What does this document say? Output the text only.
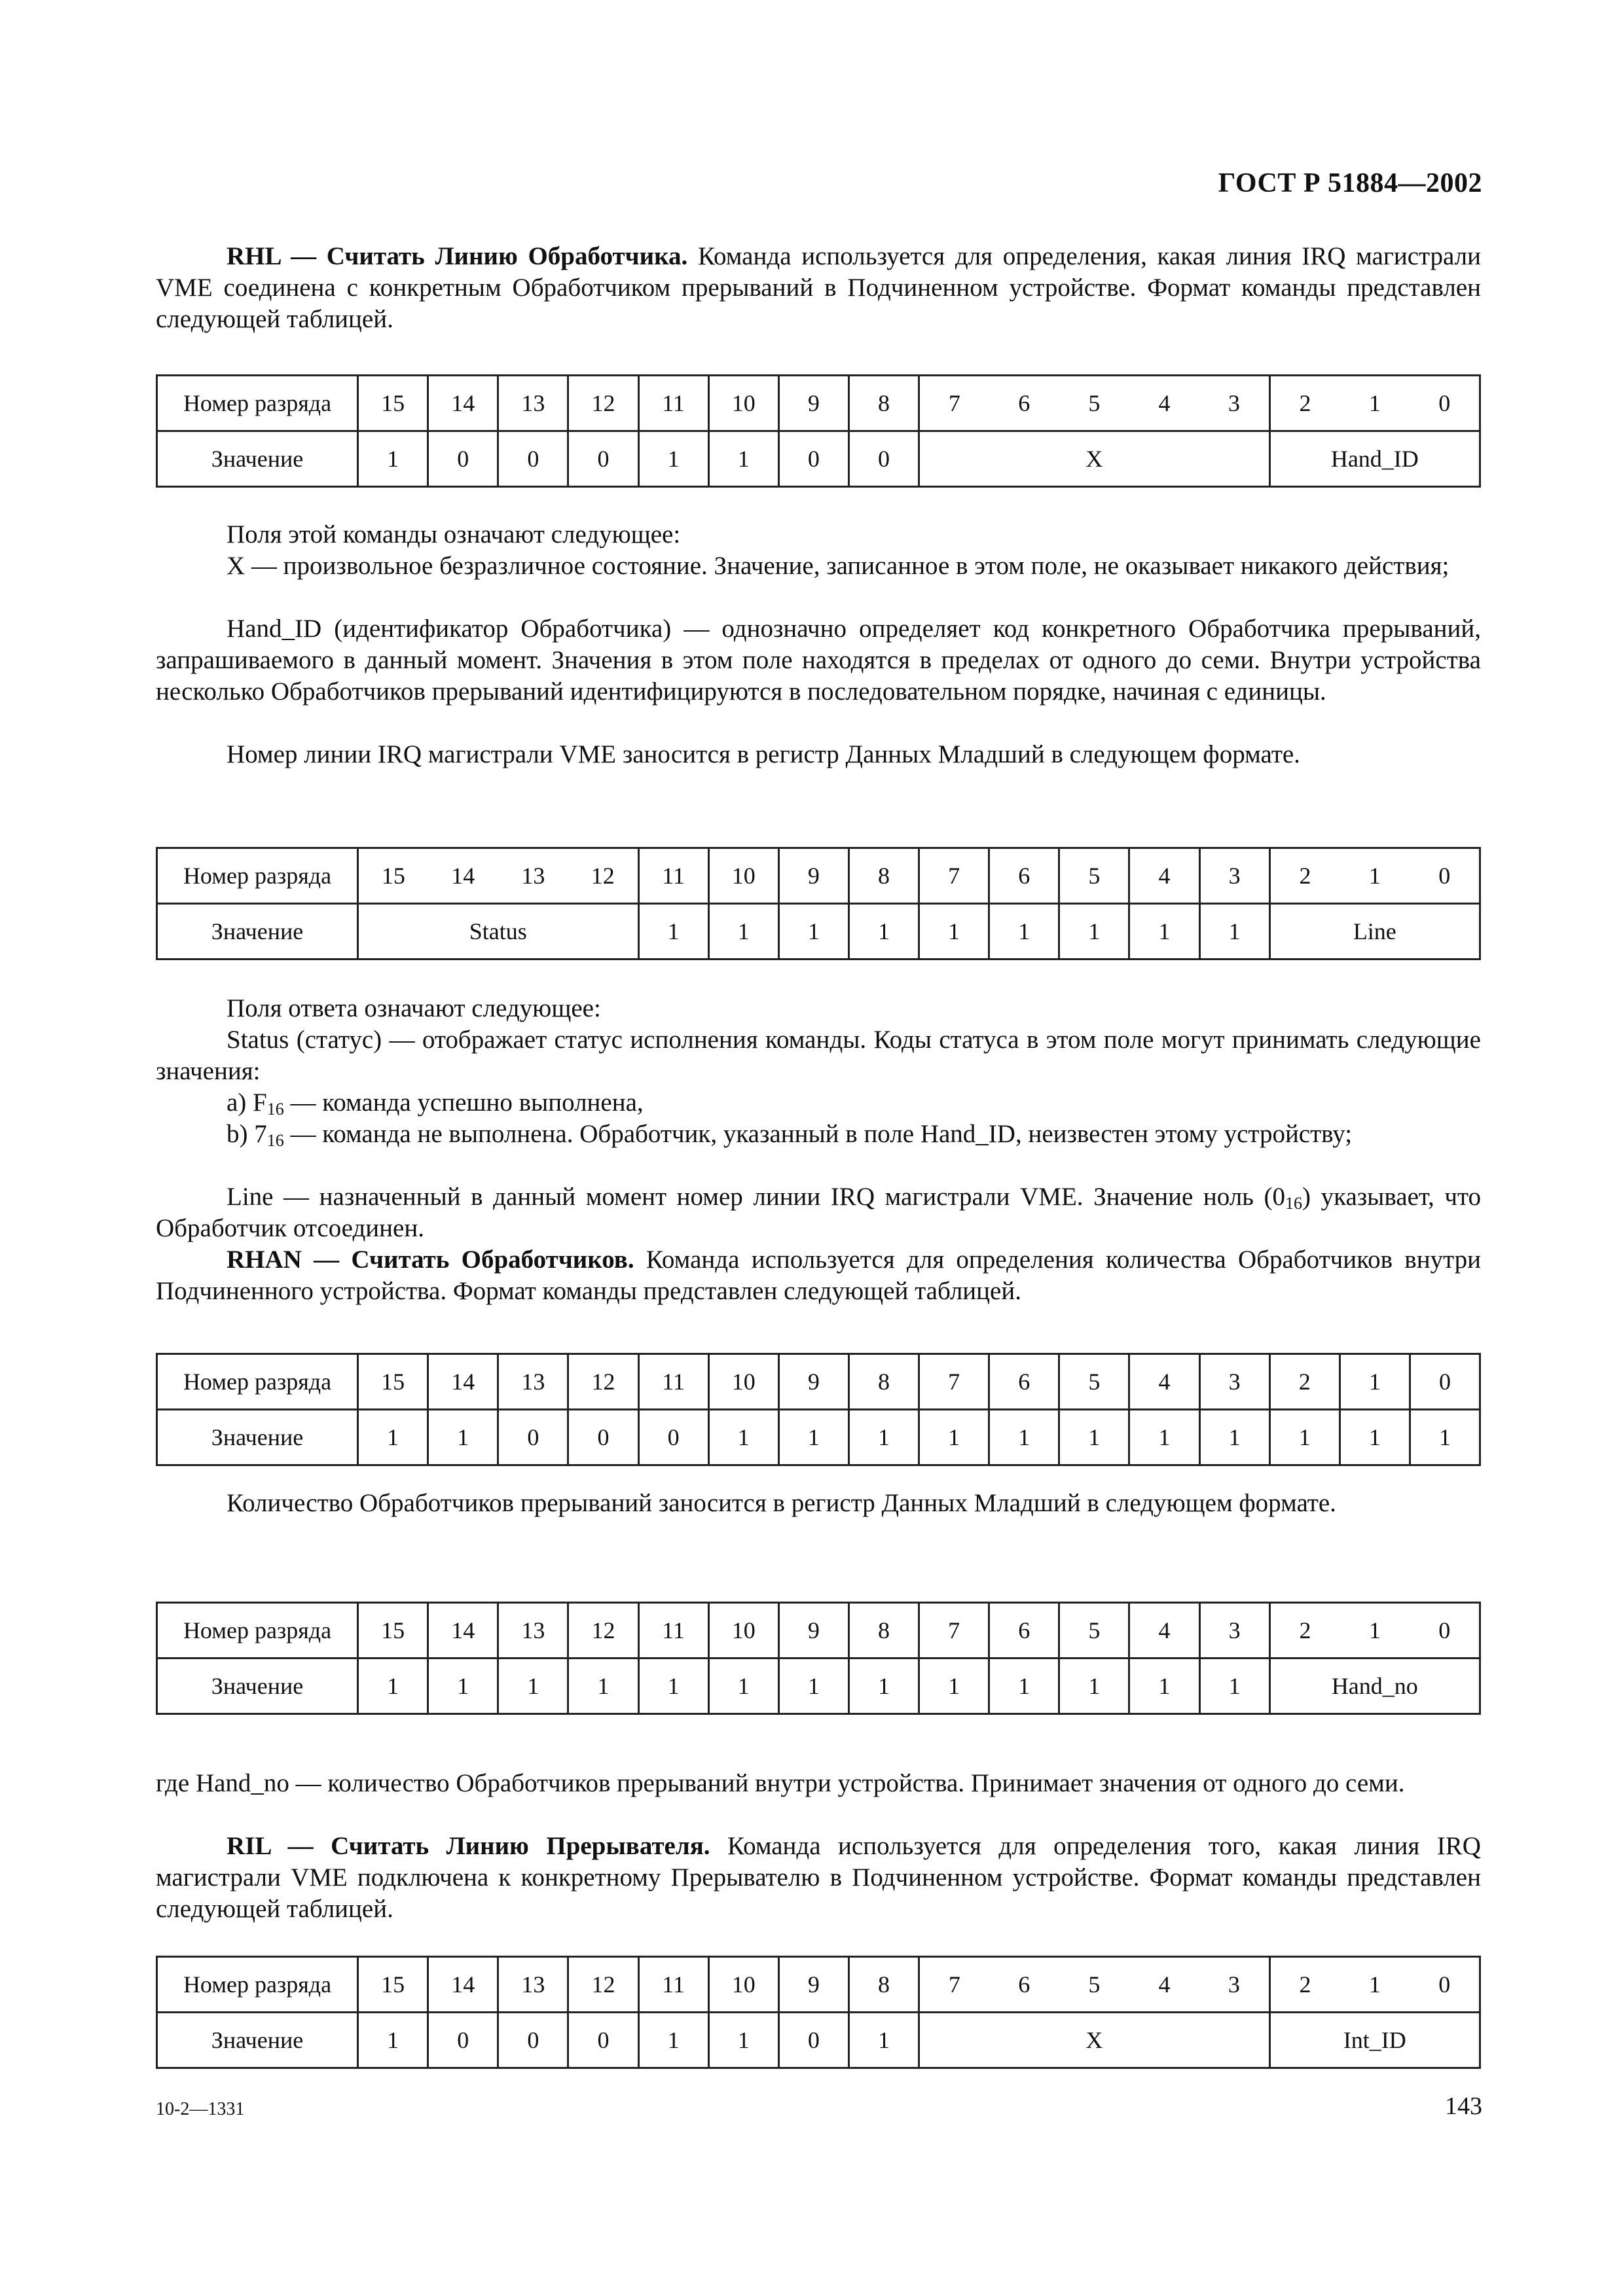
ГОСТ Р 51884—2002

RHL — Считать Линию Обработчика. Команда используется для определения, какая линия IRQ магистрали VME соединена с конкретным Обработчиком прерываний в Подчиненном устройстве. Формат команды представлен следующей таблицей.

Номер разряда	15	14	13	12	11	10	9	8	7	6	5	4	3	2	1	0
Значение	1	0	0	0	1	1	0	0	X					Hand_ID		

Поля этой команды означают следующее:

X — произвольное безразличное состояние. Значение, записанное в этом поле, не оказывает никакого действия;

Hand_ID (идентификатор Обработчика) — однозначно определяет код конкретного Обработчика прерываний, запрашиваемого в данный момент. Значения в этом поле находятся в пределах от одного до семи. Внутри устройства несколько Обработчиков прерываний идентифицируются в последовательном порядке, начиная с единицы.

Номер линии IRQ магистрали VME заносится в регистр Данных Младший в следующем формате.

Номер разряда	15	14	13	12	11	10	9	8	7	6	5	4	3	2	1	0
Значение	Status				1	1	1	1	1	1	1	1	1	Line		

Поля ответа означают следующее:

Status (статус) — отображает статус исполнения команды. Коды статуса в этом поле могут принимать следующие значения:

a) $F_{16}$ — команда успешно выполнена,

b) $7_{16}$ — команда не выполнена. Обработчик, указанный в поле Hand_ID, неизвестен этому устройству;

Line — назначенный в данный момент номер линии IRQ магистрали VME. Значение ноль $(0_{16})$ указывает, что Обработчик отсоединен.

RHAN — Считать Обработчиков. Команда используется для определения количества Обработчиков внутри Подчиненного устройства. Формат команды представлен следующей таблицей.

Номер разряда	15	14	13	12	11	10	9	8	7	6	5	4	3	2	1	0
Значение	1	1	0	0	0	1	1	1	1	1	1	1	1	1	1	1

Количество Обработчиков прерываний заносится в регистр Данных Младший в следующем формате.

Номер разряда	15	14	13	12	11	10	9	8	7	6	5	4	3	2	1	0
Значение	1	1	1	1	1	1	1	1	1	1	1	1	1	Hand_no		

где Hand_no — количество Обработчиков прерываний внутри устройства. Принимает значения от одного до семи.

RIL — Считать Линию Прерывателя. Команда используется для определения того, какая линия IRQ магистрали VME подключена к конкретному Прерывателю в Подчиненном устройстве. Формат команды представлен следующей таблицей.

Номер разряда	15	14	13	12	11	10	9	8	7	6	5	4	3	2	1	0
Значение	1	0	0	0	1	1	0	1	X					Int_ID		
10-2—1331	143
